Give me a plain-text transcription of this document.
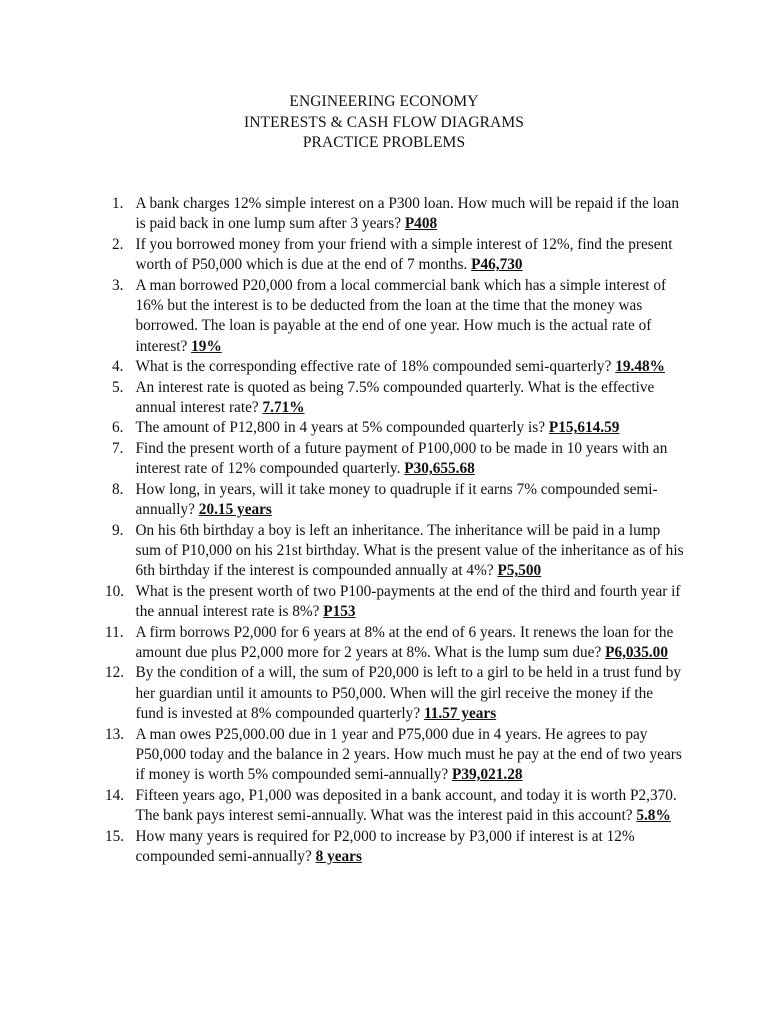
ENGINEERING ECONOMY
INTERESTS & CASH FLOW DIAGRAMS
PRACTICE PROBLEMS
1. A bank charges 12% simple interest on a P300 loan. How much will be repaid if the loan is paid back in one lump sum after 3 years? P408
2. If you borrowed money from your friend with a simple interest of 12%, find the present worth of P50,000 which is due at the end of 7 months. P46,730
3. A man borrowed P20,000 from a local commercial bank which has a simple interest of 16% but the interest is to be deducted from the loan at the time that the money was borrowed. The loan is payable at the end of one year. How much is the actual rate of interest? 19%
4. What is the corresponding effective rate of 18% compounded semi-quarterly? 19.48%
5. An interest rate is quoted as being 7.5% compounded quarterly. What is the effective annual interest rate? 7.71%
6. The amount of P12,800 in 4 years at 5% compounded quarterly is? P15,614.59
7. Find the present worth of a future payment of P100,000 to be made in 10 years with an interest rate of 12% compounded quarterly. P30,655.68
8. How long, in years, will it take money to quadruple if it earns 7% compounded semi-annually? 20.15 years
9. On his 6th birthday a boy is left an inheritance. The inheritance will be paid in a lump sum of P10,000 on his 21st birthday. What is the present value of the inheritance as of his 6th birthday if the interest is compounded annually at 4%? P5,500
10. What is the present worth of two P100-payments at the end of the third and fourth year if the annual interest rate is 8%? P153
11. A firm borrows P2,000 for 6 years at 8% at the end of 6 years. It renews the loan for the amount due plus P2,000 more for 2 years at 8%. What is the lump sum due? P6,035.00
12. By the condition of a will, the sum of P20,000 is left to a girl to be held in a trust fund by her guardian until it amounts to P50,000. When will the girl receive the money if the fund is invested at 8% compounded quarterly? 11.57 years
13. A man owes P25,000.00 due in 1 year and P75,000 due in 4 years. He agrees to pay P50,000 today and the balance in 2 years. How much must he pay at the end of two years if money is worth 5% compounded semi-annually? P39,021.28
14. Fifteen years ago, P1,000 was deposited in a bank account, and today it is worth P2,370. The bank pays interest semi-annually. What was the interest paid in this account? 5.8%
15. How many years is required for P2,000 to increase by P3,000 if interest is at 12% compounded semi-annually? 8 years
